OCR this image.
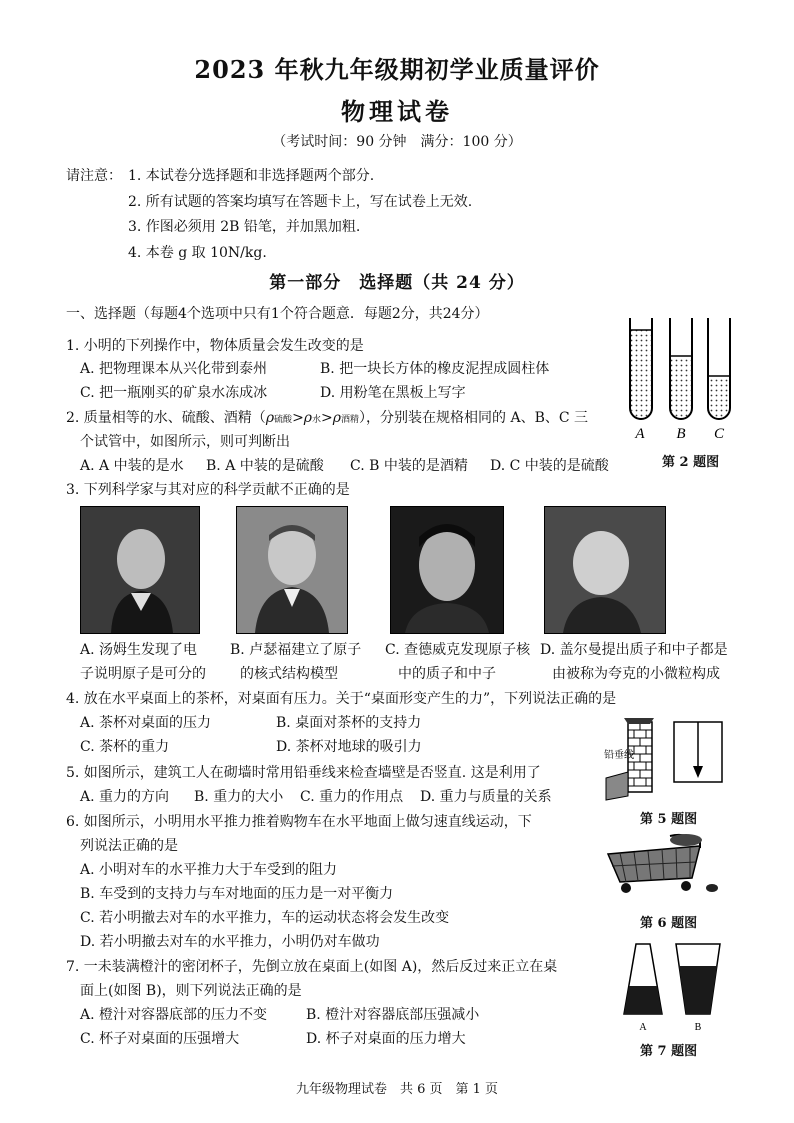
2023 年秋九年级期初学业质量评价
物理试卷
（考试时间：90 分钟　满分：100 分）
请注意： 1. 本试卷分选择题和非选择题两个部分.
2. 所有试题的答案均填写在答题卡上，写在试卷上无效.
3. 作图必须用 2B 铅笔，并加黑加粗.
4. 本卷 g 取 10N/kg.
第一部分　选择题（共 24 分）
一、选择题（每题4个选项中只有1个符合题意．每题2分，共24分）
1. 小明的下列操作中，物体质量会发生改变的是
A. 把物理课本从兴化带到泰州	B. 把一块长方体的橡皮泥捏成圆柱体
C. 把一瓶刚买的矿泉水冻成冰	D. 用粉笔在黑板上写字
2. 质量相等的水、硫酸、酒精（ρ硫酸>ρ水>ρ酒精），分别装在规格相同的 A、B、C 三
个试管中，如图所示，则可判断出
A. A 中装的是水 B. A 中装的是硫酸 C. B 中装的是酒精 D. C 中装的是硫酸
A B C
第 2 题图
3. 下列科学家与其对应的科学贡献不正确的是
A. 汤姆生发现了电
子说明原子是可分的
B. 卢瑟福建立了原子
的核式结构模型
C. 查德威克发现原子核
中的质子和中子
D. 盖尔曼提出质子和中子都是
由被称为夸克的小微粒构成
4. 放在水平桌面上的茶杯，对桌面有压力。关于“桌面形变产生的力”，下列说法正确的是
A. 茶杯对桌面的压力	B. 桌面对茶杯的支持力
C. 茶杯的重力	D. 茶杯对地球的吸引力
铅垂线
5. 如图所示，建筑工人在砌墙时常用铅垂线来检查墙壁是否竖直. 这是利用了
A. 重力的方向 B. 重力的大小 C. 重力的作用点 D. 重力与质量的关系
第 5 题图
6. 如图所示，小明用水平推力推着购物车在水平地面上做匀速直线运动，下
列说法正确的是
A. 小明对车的水平推力大于车受到的阻力
B. 车受到的支持力与车对地面的压力是一对平衡力
C. 若小明撤去对车的水平推力，车的运动状态将会发生改变
D. 若小明撤去对车的水平推力，小明仍对车做功
第 6 题图
7. 一未装满橙汁的密闭杯子，先倒立放在桌面上(如图 A)，然后反过来正立在桌
面上(如图 B)，则下列说法正确的是
A. 橙汁对容器底部的压力不变	B. 橙汁对容器底部压强减小
C. 杯子对桌面的压强增大	D. 杯子对桌面的压力增大
A	B
第 7 题图
九年级物理试卷　共 6 页　第 1 页
